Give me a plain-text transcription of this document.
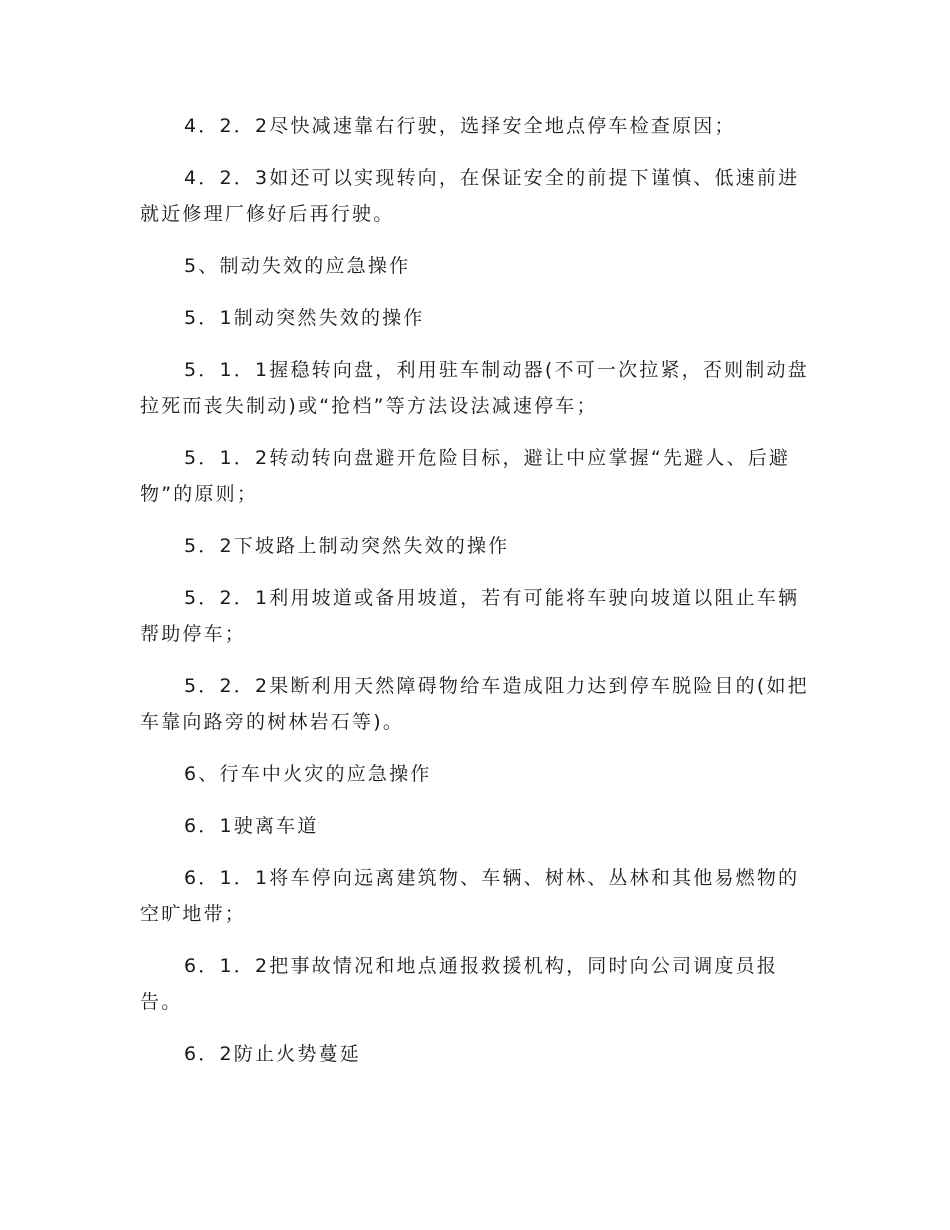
4．2．2尽快减速靠右行驶，选择安全地点停车检查原因；

4．2．3如还可以实现转向，在保证安全的前提下谨慎、低速前进就近修理厂修好后再行驶。

5、制动失效的应急操作

5．1制动突然失效的操作

5．1．1握稳转向盘，利用驻车制动器(不可一次拉紧，否则制动盘拉死而丧失制动)或“抢档”等方法设法减速停车；

5．1．2转动转向盘避开危险目标，避让中应掌握“先避人、后避物”的原则；

5．2下坡路上制动突然失效的操作

5．2．1利用坡道或备用坡道，若有可能将车驶向坡道以阻止车辆帮助停车；

5．2．2果断利用天然障碍物给车造成阻力达到停车脱险目的(如把车靠向路旁的树林岩石等)。

6、行车中火灾的应急操作

6．1驶离车道

6．1．1将车停向远离建筑物、车辆、树林、丛林和其他易燃物的空旷地带；

6．1．2把事故情况和地点通报救援机构，同时向公司调度员报告。

6．2防止火势蔓延
